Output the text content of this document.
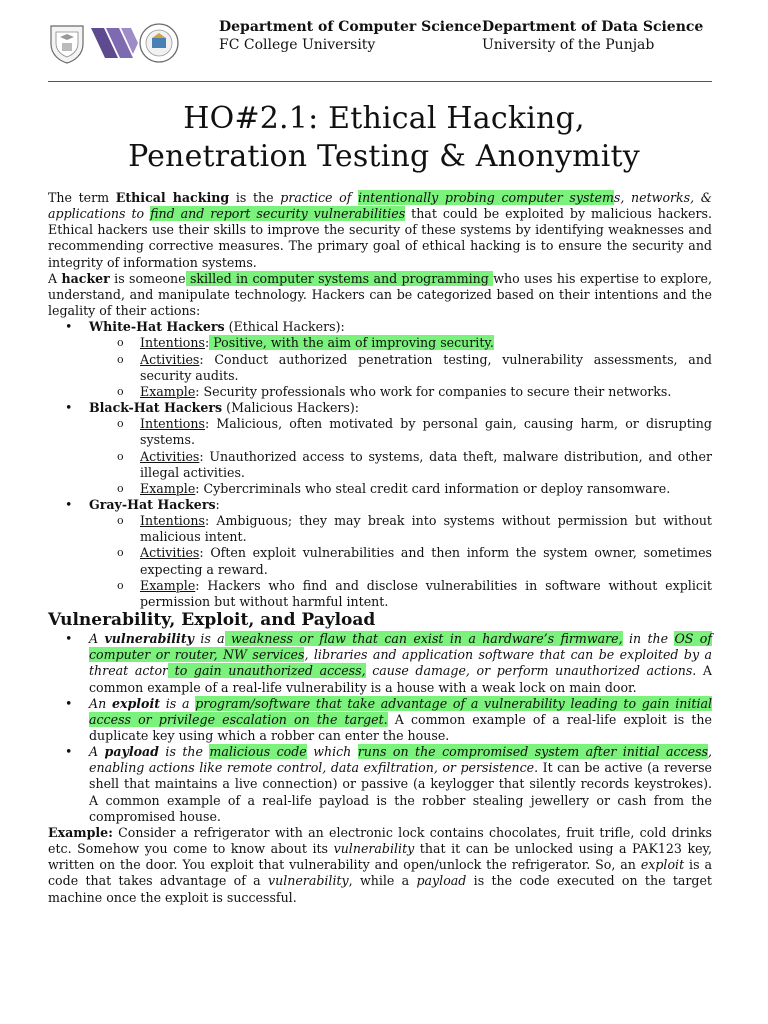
Department of Computer Science
FC College University
Department of Data Science
University of the Punjab
HO#2.1: Ethical Hacking,
Penetration Testing & Anonymity
The term Ethical hacking is the practice of intentionally probing computer systems, networks, & applications to find and report security vulnerabilities that could be exploited by malicious hackers. Ethical hackers use their skills to improve the security of these systems by identifying weaknesses and recommending corrective measures. The primary goal of ethical hacking is to ensure the security and integrity of information systems.
A hacker is someone skilled in computer systems and programming who uses his expertise to explore, understand, and manipulate technology. Hackers can be categorized based on their intentions and the legality of their actions:
• White-Hat Hackers (Ethical Hackers):
o Intentions: Positive, with the aim of improving security.
o Activities: Conduct authorized penetration testing, vulnerability assessments, and security audits.
o Example: Security professionals who work for companies to secure their networks.
• Black-Hat Hackers (Malicious Hackers):
o Intentions: Malicious, often motivated by personal gain, causing harm, or disrupting systems.
o Activities: Unauthorized access to systems, data theft, malware distribution, and other illegal activities.
o Example: Cybercriminals who steal credit card information or deploy ransomware.
• Gray-Hat Hackers:
o Intentions: Ambiguous; they may break into systems without permission but without malicious intent.
o Activities: Often exploit vulnerabilities and then inform the system owner, sometimes expecting a reward.
o Example: Hackers who find and disclose vulnerabilities in software without explicit permission but without harmful intent.
Vulnerability, Exploit, and Payload
• A vulnerability is a weakness or flaw that can exist in a hardware’s firmware, in the OS of computer or router, NW services, libraries and application software that can be exploited by a threat actor to gain unauthorized access, cause damage, or perform unauthorized actions. A common example of a real-life vulnerability is a house with a weak lock on main door.
• An exploit is a program/software that take advantage of a vulnerability leading to gain initial access or privilege escalation on the target. A common example of a real-life exploit is the duplicate key using which a robber can enter the house.
• A payload is the malicious code which runs on the compromised system after initial access, enabling actions like remote control, data exfiltration, or persistence. It can be active (a reverse shell that maintains a live connection) or passive (a keylogger that silently records keystrokes). A common example of a real-life payload is the robber stealing jewellery or cash from the compromised house.
Example: Consider a refrigerator with an electronic lock contains chocolates, fruit trifle, cold drinks etc. Somehow you come to know about its vulnerability that it can be unlocked using a PAK123 key, written on the door. You exploit that vulnerability and open/unlock the refrigerator. So, an exploit is a code that takes advantage of a vulnerability, while a payload is the code executed on the target machine once the exploit is successful.
